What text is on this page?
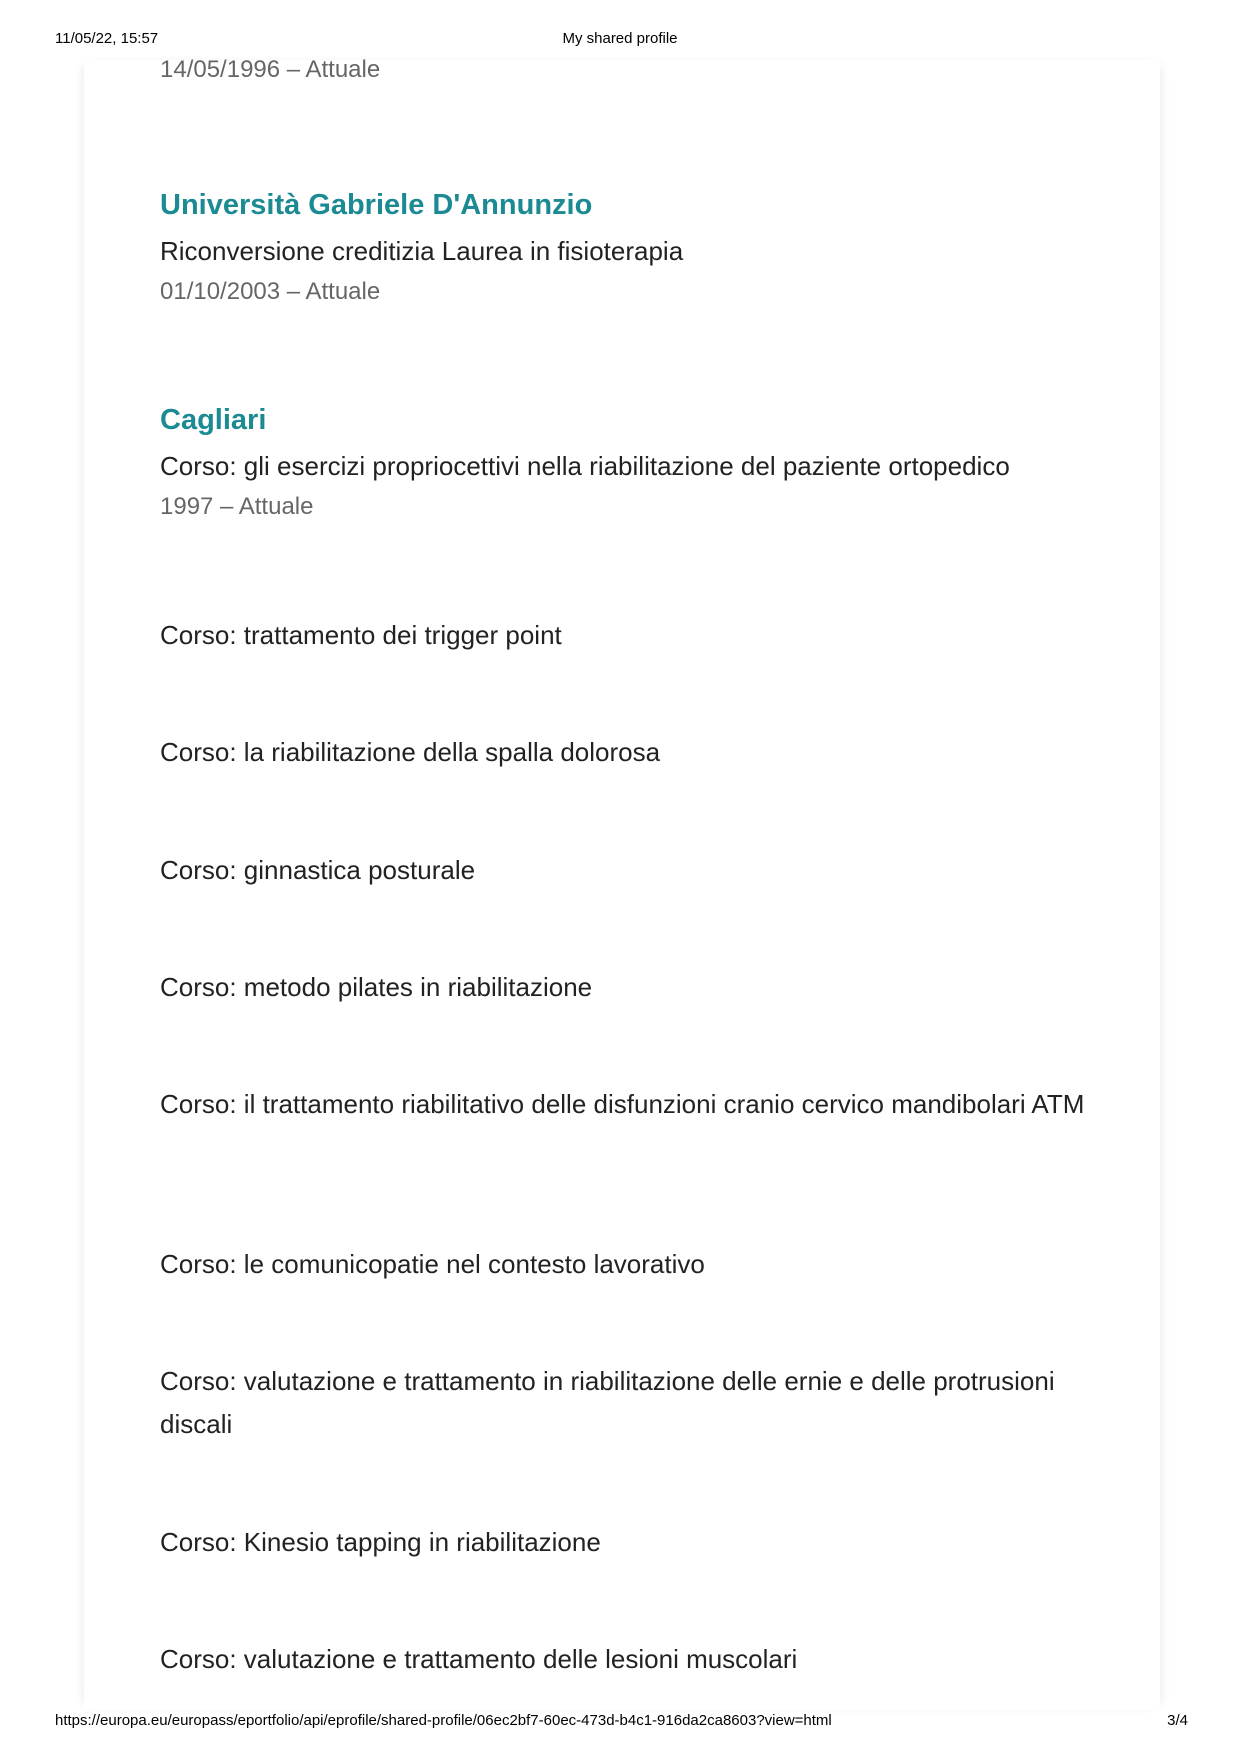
11/05/22, 15:57	My shared profile
14/05/1996 – Attuale
Università Gabriele D'Annunzio
Riconversione creditizia Laurea in fisioterapia
01/10/2003 – Attuale
Cagliari
Corso: gli esercizi propriocettivi nella riabilitazione del paziente ortopedico
1997 – Attuale
Corso: trattamento dei trigger point
Corso: la riabilitazione della spalla dolorosa
Corso: ginnastica posturale
Corso: metodo pilates in riabilitazione
Corso: il trattamento riabilitativo delle disfunzioni cranio cervico mandibolari ATM
Corso: le comunicopatie nel contesto lavorativo
Corso: valutazione e trattamento in riabilitazione delle ernie e delle protrusioni discali
Corso: Kinesio tapping in riabilitazione
Corso: valutazione e trattamento delle lesioni muscolari
https://europa.eu/europass/eportfolio/api/eprofile/shared-profile/06ec2bf7-60ec-473d-b4c1-916da2ca8603?view=html	3/4
